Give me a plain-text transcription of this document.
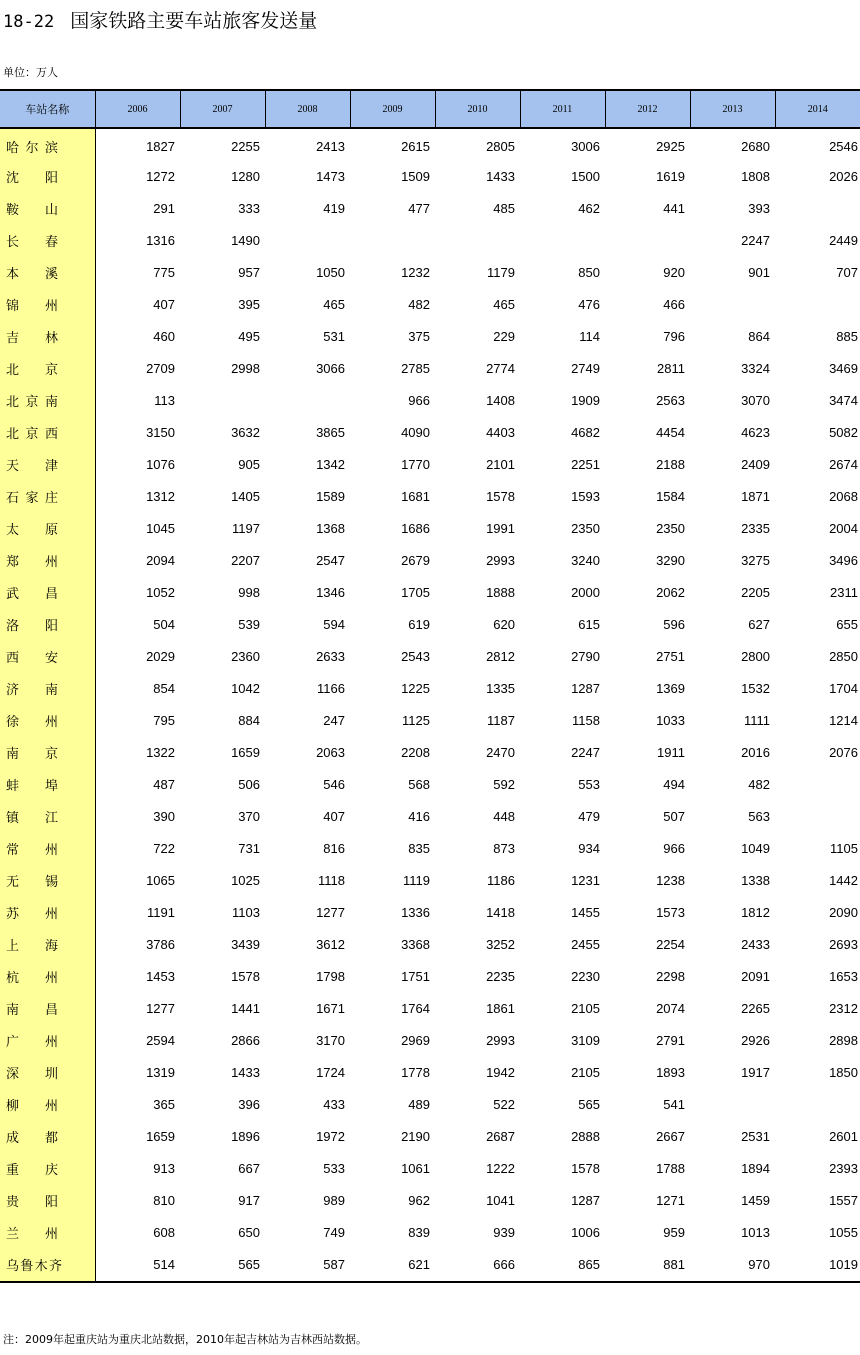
18-22 国家铁路主要车站旅客发送量
单位：万人
车站名称	2006	2007	2008	2009	2010	2011	2012	2013	2014

哈 尔 滨	1827	2255	2413	2615	2805	3006	2925	2680	2546

沈 阳	1272	1280	1473	1509	1433	1500	1619	1808	2026

鞍 山	291	333	419	477	485	462	441	393	

长 春	1316	1490						2247	2449

本 溪	775	957	1050	1232	1179	850	920	901	707

锦 州	407	395	465	482	465	476	466		

吉 林	460	495	531	375	229	114	796	864	885

北 京	2709	2998	3066	2785	2774	2749	2811	3324	3469

北 京 南	113			966	1408	1909	2563	3070	3474

北 京 西	3150	3632	3865	4090	4403	4682	4454	4623	5082

天 津	1076	905	1342	1770	2101	2251	2188	2409	2674

石 家 庄	1312	1405	1589	1681	1578	1593	1584	1871	2068

太 原	1045	1197	1368	1686	1991	2350	2350	2335	2004

郑 州	2094	2207	2547	2679	2993	3240	3290	3275	3496

武 昌	1052	998	1346	1705	1888	2000	2062	2205	2311

洛 阳	504	539	594	619	620	615	596	627	655

西 安	2029	2360	2633	2543	2812	2790	2751	2800	2850

济 南	854	1042	1166	1225	1335	1287	1369	1532	1704

徐 州	795	884	247	1125	1187	1158	1033	1111	1214

南 京	1322	1659	2063	2208	2470	2247	1911	2016	2076

蚌 埠	487	506	546	568	592	553	494	482	

镇 江	390	370	407	416	448	479	507	563	

常 州	722	731	816	835	873	934	966	1049	1105

无 锡	1065	1025	1118	1119	1186	1231	1238	1338	1442

苏 州	1191	1103	1277	1336	1418	1455	1573	1812	2090

上 海	3786	3439	3612	3368	3252	2455	2254	2433	2693

杭 州	1453	1578	1798	1751	2235	2230	2298	2091	1653

南 昌	1277	1441	1671	1764	1861	2105	2074	2265	2312

广 州	2594	2866	3170	2969	2993	3109	2791	2926	2898

深 圳	1319	1433	1724	1778	1942	2105	1893	1917	1850

柳 州	365	396	433	489	522	565	541		

成 都	1659	1896	1972	2190	2687	2888	2667	2531	2601

重 庆	913	667	533	1061	1222	1578	1788	1894	2393

贵 阳	810	917	989	962	1041	1287	1271	1459	1557

兰 州	608	650	749	839	939	1006	959	1013	1055

乌 鲁 木 齐	514	565	587	621	666	865	881	970	1019
注：2009年起重庆站为重庆北站数据，2010年起吉林站为吉林西站数据。
